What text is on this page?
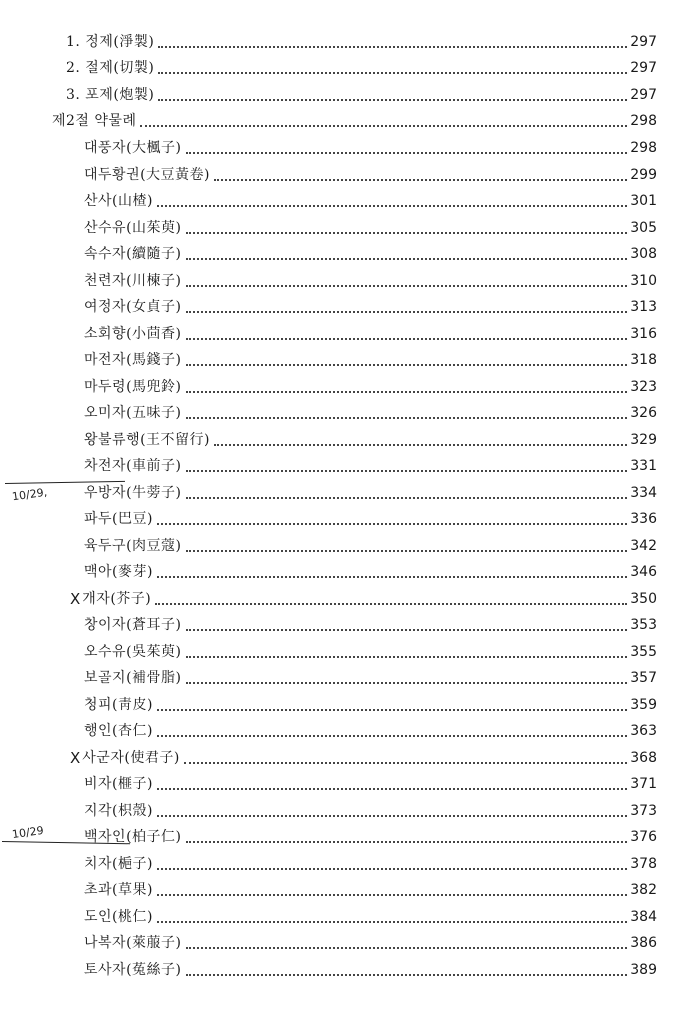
1. 정제(淨製)	297
2. 절제(切製)	297
3. 포제(炮製)	297
제2절 약물례	298
대풍자(大楓子)	298
대두황권(大豆黃卷)	299
산사(山楂)	301
산수유(山茱萸)	305
속수자(續隨子)	308
천련자(川楝子)	310
여정자(女貞子)	313
소회향(小茴香)	316
마전자(馬錢子)	318
마두령(馬兜鈴)	323
오미자(五味子)	326
왕불류행(王不留行)	329
차전자(車前子)	331
우방자(牛蒡子)	334
파두(巴豆)	336
육두구(肉豆蔻)	342
맥아(麥芽)	346
X 개자(芥子)	350
창이자(蒼耳子)	353
오수유(吳茱萸)	355
보골지(補骨脂)	357
청피(靑皮)	359
행인(杏仁)	363
X 사군자(使君子)	368
비자(榧子)	371
지각(枳殼)	373
백자인(柏子仁)	376
치자(梔子)	378
초과(草果)	382
도인(桃仁)	384
나복자(萊菔子)	386
토사자(菟絲子)	389
10/29,
10/29
